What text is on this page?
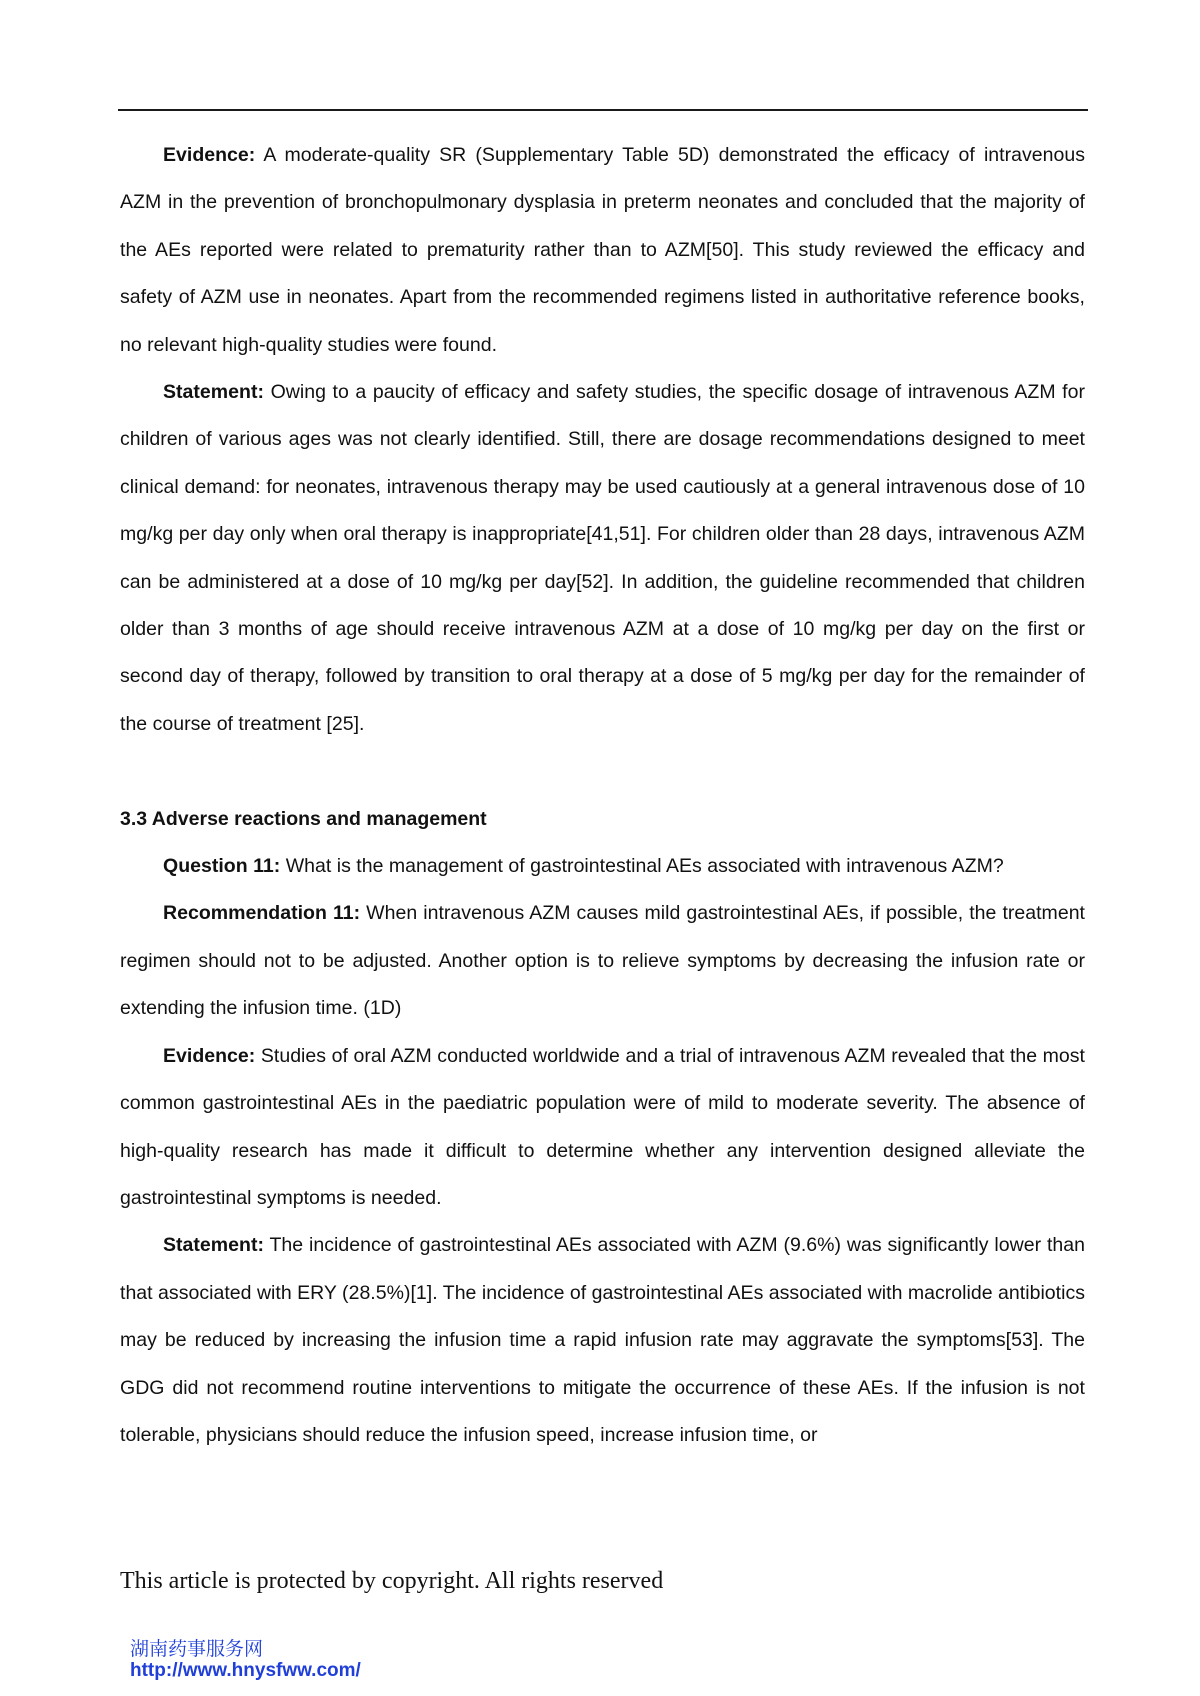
Evidence: A moderate-quality SR (Supplementary Table 5D) demonstrated the efficacy of intravenous AZM in the prevention of bronchopulmonary dysplasia in preterm neonates and concluded that the majority of the AEs reported were related to prematurity rather than to AZM[50]. This study reviewed the efficacy and safety of AZM use in neonates. Apart from the recommended regimens listed in authoritative reference books, no relevant high-quality studies were found.

Statement: Owing to a paucity of efficacy and safety studies, the specific dosage of intravenous AZM for children of various ages was not clearly identified. Still, there are dosage recommendations designed to meet clinical demand: for neonates, intravenous therapy may be used cautiously at a general intravenous dose of 10 mg/kg per day only when oral therapy is inappropriate[41,51]. For children older than 28 days, intravenous AZM can be administered at a dose of 10 mg/kg per day[52]. In addition, the guideline recommended that children older than 3 months of age should receive intravenous AZM at a dose of 10 mg/kg per day on the first or second day of therapy, followed by transition to oral therapy at a dose of 5 mg/kg per day for the remainder of the course of treatment [25].

3.3 Adverse reactions and management

Question 11: What is the management of gastrointestinal AEs associated with intravenous AZM?

Recommendation 11: When intravenous AZM causes mild gastrointestinal AEs, if possible, the treatment regimen should not to be adjusted. Another option is to relieve symptoms by decreasing the infusion rate or extending the infusion time. (1D)

Evidence: Studies of oral AZM conducted worldwide and a trial of intravenous AZM revealed that the most common gastrointestinal AEs in the paediatric population were of mild to moderate severity. The absence of high-quality research has made it difficult to determine whether any intervention designed alleviate the gastrointestinal symptoms is needed.

Statement: The incidence of gastrointestinal AEs associated with AZM (9.6%) was significantly lower than that associated with ERY (28.5%)[1]. The incidence of gastrointestinal AEs associated with macrolide antibiotics may be reduced by increasing the infusion time a rapid infusion rate may aggravate the symptoms[53]. The GDG did not recommend routine interventions to mitigate the occurrence of these AEs. If the infusion is not tolerable, physicians should reduce the infusion speed, increase infusion time, or

This article is protected by copyright. All rights reserved
湖南药事服务网
http://www.hnysfww.com/
